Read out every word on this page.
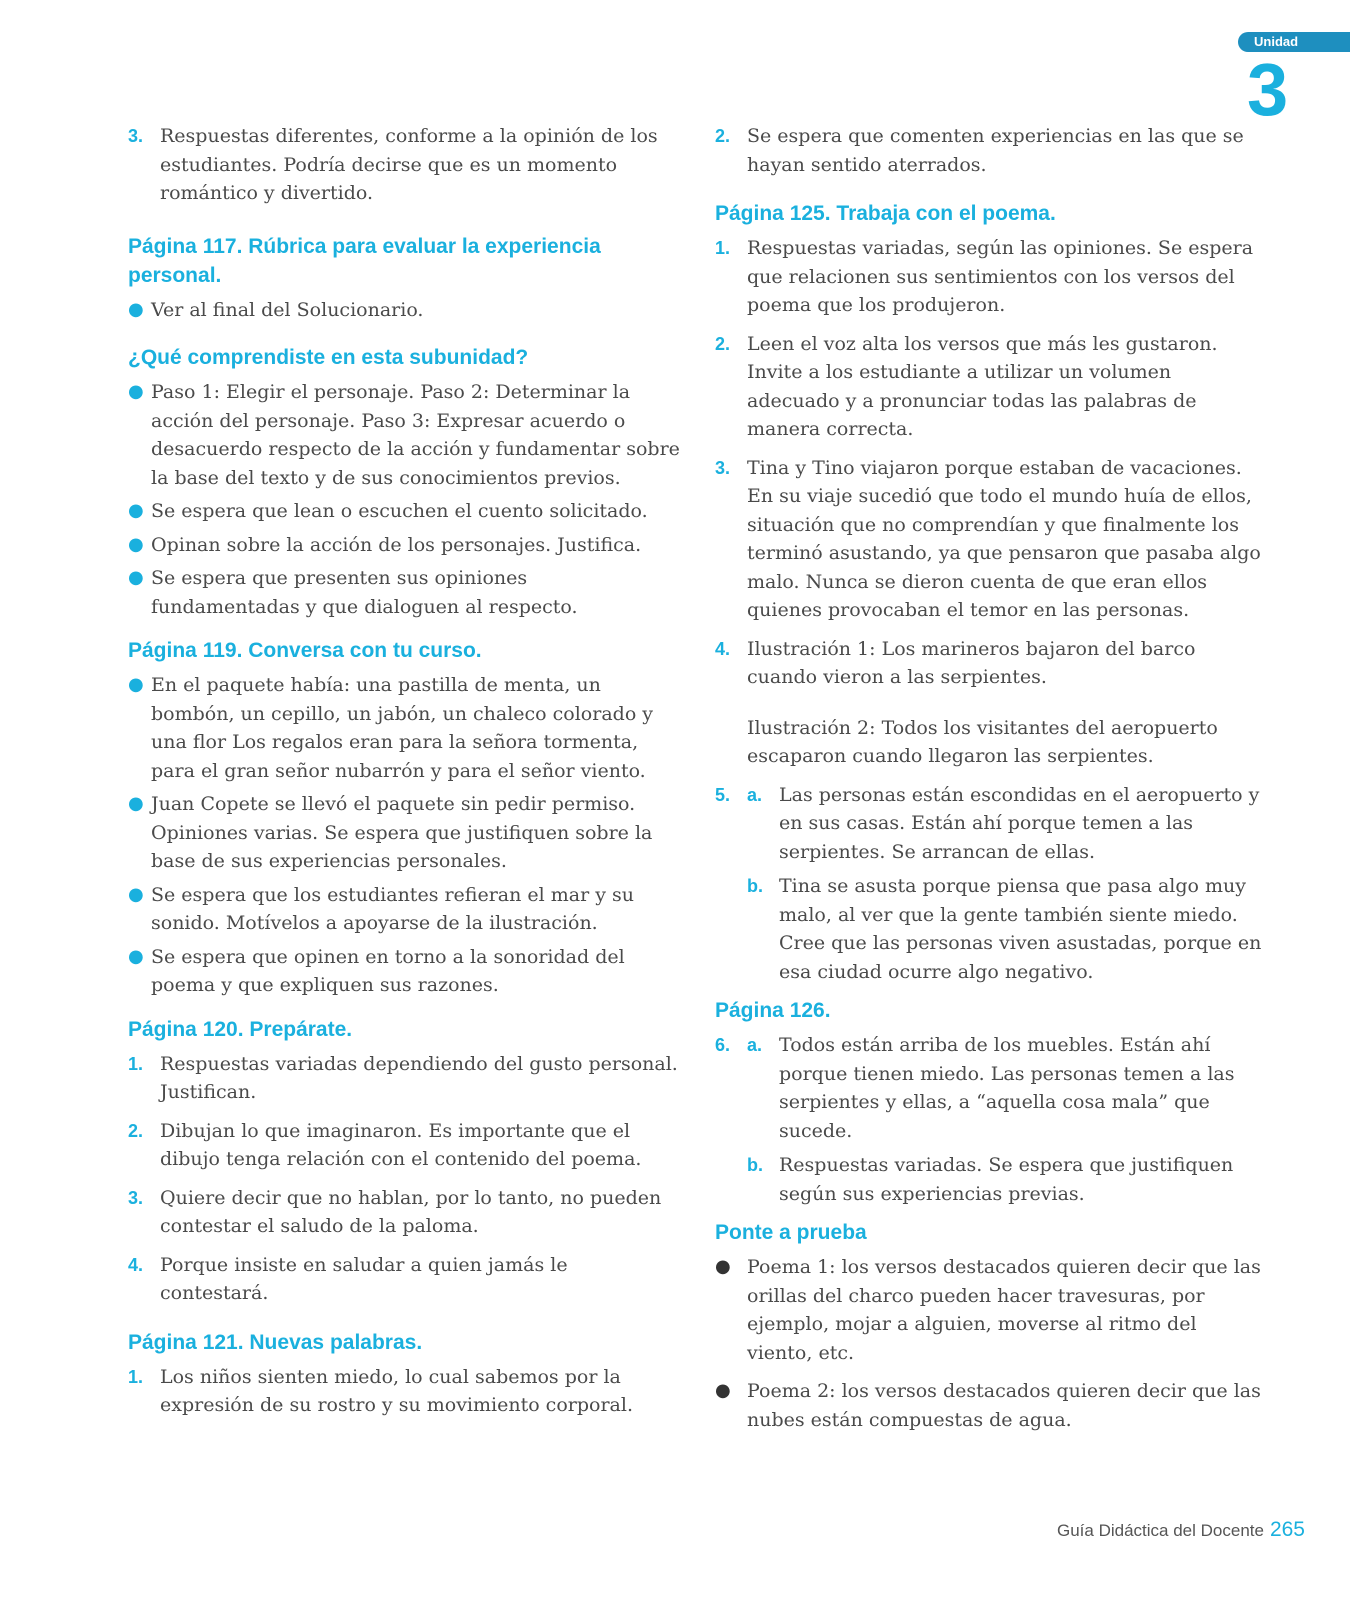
Unidad
3
3. Respuestas diferentes, conforme a la opinión de los estudiantes. Podría decirse que es un momento romántico y divertido.
Página 117. Rúbrica para evaluar la experiencia personal.
● Ver al final del Solucionario.
¿Qué comprendiste en esta subunidad?
● Paso 1: Elegir el personaje. Paso 2: Determinar la acción del personaje. Paso 3: Expresar acuerdo o desacuerdo respecto de la acción y fundamentar sobre la base del texto y de sus conocimientos previos.
● Se espera que lean o escuchen el cuento solicitado.
● Opinan sobre la acción de los personajes. Justifica.
● Se espera que presenten sus opiniones fundamentadas y que dialoguen al respecto.
Página 119. Conversa con tu curso.
● En el paquete había: una pastilla de menta, un bombón, un cepillo, un jabón, un chaleco colorado y una flor Los regalos eran para la señora tormenta, para el gran señor nubarrón y para el señor viento.
● Juan Copete se llevó el paquete sin pedir permiso. Opiniones varias. Se espera que justifiquen sobre la base de sus experiencias personales.
● Se espera que los estudiantes refieran el mar y su sonido. Motívelos a apoyarse de la ilustración.
● Se espera que opinen en torno a la sonoridad del poema y que expliquen sus razones.
Página 120. Prepárate.
1. Respuestas variadas dependiendo del gusto personal. Justifican.
2. Dibujan lo que imaginaron. Es importante que el dibujo tenga relación con el contenido del poema.
3. Quiere decir que no hablan, por lo tanto, no pueden contestar el saludo de la paloma.
4. Porque insiste en saludar a quien jamás le contestará.
Página 121. Nuevas palabras.
1. Los niños sienten miedo, lo cual sabemos por la expresión de su rostro y su movimiento corporal.
2. Se espera que comenten experiencias en las que se hayan sentido aterrados.
Página 125. Trabaja con el poema.
1. Respuestas variadas, según las opiniones. Se espera que relacionen sus sentimientos con los versos del poema que los produjeron.
2. Leen el voz alta los versos que más les gustaron. Invite a los estudiante a utilizar un volumen adecuado y a pronunciar todas las palabras de manera correcta.
3. Tina y Tino viajaron porque estaban de vacaciones. En su viaje sucedió que todo el mundo huía de ellos, situación que no comprendían y que finalmente los terminó asustando, ya que pensaron que pasaba algo malo. Nunca se dieron cuenta de que eran ellos quienes provocaban el temor en las personas.
4. Ilustración 1: Los marineros bajaron del barco cuando vieron a las serpientes.
Ilustración 2: Todos los visitantes del aeropuerto escaparon cuando llegaron las serpientes.
5. a. Las personas están escondidas en el aeropuerto y en sus casas. Están ahí porque temen a las serpientes. Se arrancan de ellas.
b. Tina se asusta porque piensa que pasa algo muy malo, al ver que la gente también siente miedo. Cree que las personas viven asustadas, porque en esa ciudad ocurre algo negativo.
Página 126.
6. a. Todos están arriba de los muebles. Están ahí porque tienen miedo. Las personas temen a las serpientes y ellas, a “aquella cosa mala” que sucede.
b. Respuestas variadas. Se espera que justifiquen según sus experiencias previas.
Ponte a prueba
● Poema 1: los versos destacados quieren decir que las orillas del charco pueden hacer travesuras, por ejemplo, mojar a alguien, moverse al ritmo del viento, etc.
● Poema 2: los versos destacados quieren decir que las nubes están compuestas de agua.
Guía Didáctica del Docente 265
